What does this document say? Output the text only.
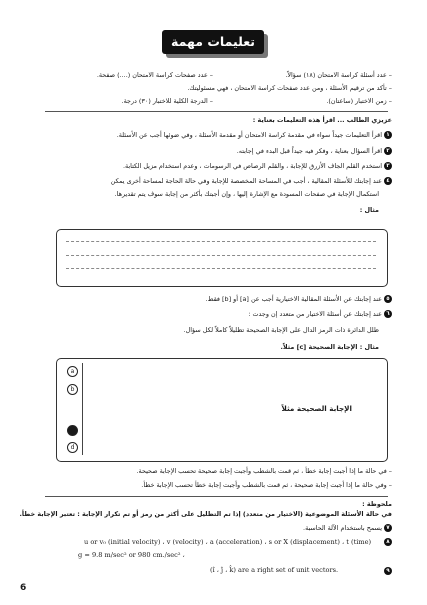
تعليمات مهمة
– عدد صفحات كراسة الامتحان (....) صفحة.	– عدد أسئلة كراسة الامتحان (١٨) سؤالاً.
– تأكد من ترقيم الأسئلة ، ومن عدد صفحات كراسة الامتحان ، فهي مسئوليتك.
– الدرجة الكلية للاختبار (٣٠) درجة.	– زمن الاختبار (ساعتان).
عزيزي الطالب ... اقرأ هذه التعليمات بعناية :
١اقرأ التعليمات جيداً سواء في مقدمة كراسة الامتحان أو مقدمة الأسئلة ، وفي ضوئها أجب عن الأسئلة.
٢اقرأ السؤال بعناية ، وفكر فيه جيداً قبل البدء في إجابته.
٣استخدم القلم الجاف الأزرق للإجابة ، والقلم الرصاص في الرسومات ، وعدم استخدام مزيل الكتابة.
٤عند إجابتك للأسئلة المقالية ، أجب في المساحة المخصصة للإجابة وفي حالة الحاجة لمساحة أخرى يمكن
استكمال الإجابة في صفحات المسودة مع الإشارة إليها ، وإن أجبتك بأكثر من إجابة سوف يتم تقديرها.
مثال :
٥عند إجابتك عن الأسئلة المقالية الاختيارية أجب عن [a] أو [b] فقط.
٦عند إجابتك عن أسئلة الاختيار من متعدد إن وجدت :
ظلل الدائرة ذات الرمز الدال على الإجابة الصحيحة تظليلاً كاملاً لكل سؤال.
مثال : الإجابة الصحيحة [c] مثلاً.
a
b
c
d
الإجابة الصحيحة مثلاً
– في حالة ما إذا أجبت إجابة خطأ ، ثم قمت بالشطب وأجبت إجابة صحيحة تحسب الإجابة صحيحة.
– وفي حالة ما إذا أجبت إجابة صحيحة ، ثم قمت بالشطب وأجبت إجابة خطأ تحسب الإجابة خطأ.
ملحوظة :
في حالة الأسئلة الموضوعية (الاختيار من متعدد) إذا تم التظليل على أكثر من رمز أو تم تكرار الإجابة : تعتبر الإجابة خطأ.
٧يسمح باستخدام الآلة الحاسبة.
٨
u or v₀ (initial velocity) ، v (velocity) ، a (acceleration) ، s or X (displacement) ، t (time)
g = 9.8 m/sec² or 980 cm./sec² ،
٩
(î ، ĵ ، k̂) are a right set of unit vectors.
6
